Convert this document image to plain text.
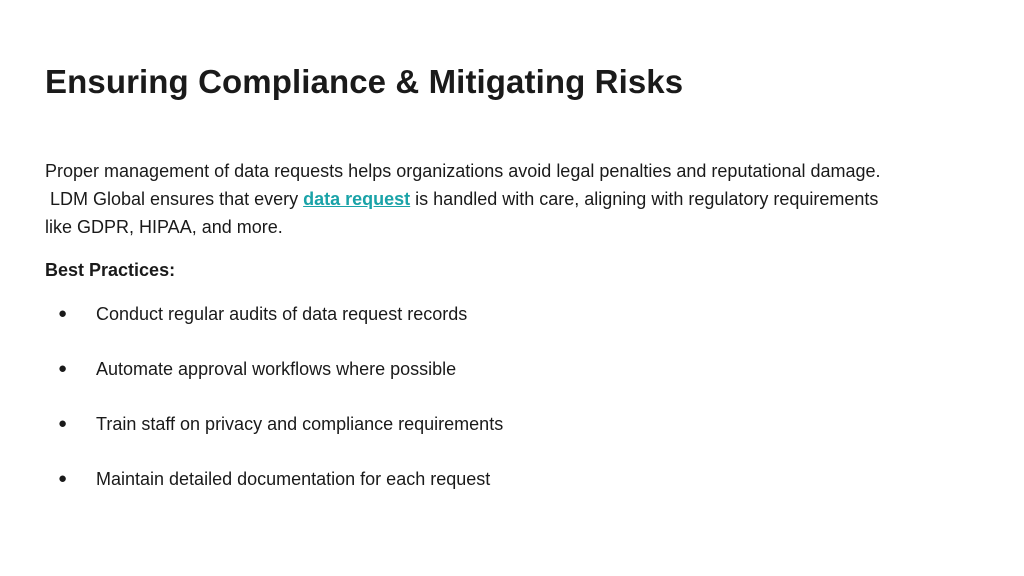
Ensuring Compliance & Mitigating Risks

Proper management of data requests helps organizations avoid legal penalties and reputational damage.
LDM Global ensures that every data request is handled with care, aligning with regulatory requirements
like GDPR, HIPAA, and more.

Best Practices:
● Conduct regular audits of data request records
● Automate approval workflows where possible
● Train staff on privacy and compliance requirements
● Maintain detailed documentation for each request
